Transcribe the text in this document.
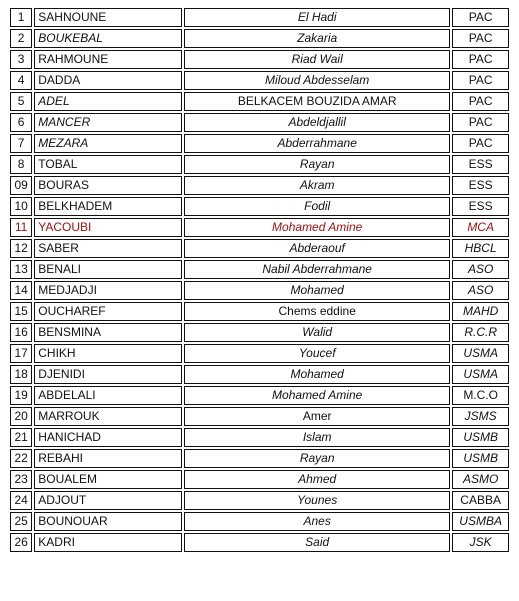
1	SAHNOUNE	El Hadi	PAC
2	BOUKEBAL	Zakaria	PAC
3	RAHMOUNE	Riad Wail	PAC
4	DADDA	Miloud Abdesselam	PAC
5	ADEL	BELKACEM BOUZIDA AMAR	PAC
6	MANCER	Abdeldjallil	PAC
7	MEZARA	Abderrahmane	PAC
8	TOBAL	Rayan	ESS
09	BOURAS	Akram	ESS
10	BELKHADEM	Fodil	ESS
11	YACOUBI	Mohamed Amine	MCA
12	SABER	Abderaouf	HBCL
13	BENALI	Nabil Abderrahmane	ASO
14	MEDJADJI	Mohamed	ASO
15	OUCHAREF	Chems eddine	MAHD
16	BENSMINA	Walid	R.C.R
17	CHIKH	Youcef	USMA
18	DJENIDI	Mohamed	USMA
19	ABDELALI	Mohamed Amine	M.C.O
20	MARROUK	Amer	JSMS
21	HANICHAD	Islam	USMB
22	REBAHI	Rayan	USMB
23	BOUALEM	Ahmed	ASMO
24	ADJOUT	Younes	CABBA
25	BOUNOUAR	Anes	USMBA
26	KADRI	Said	JSK
